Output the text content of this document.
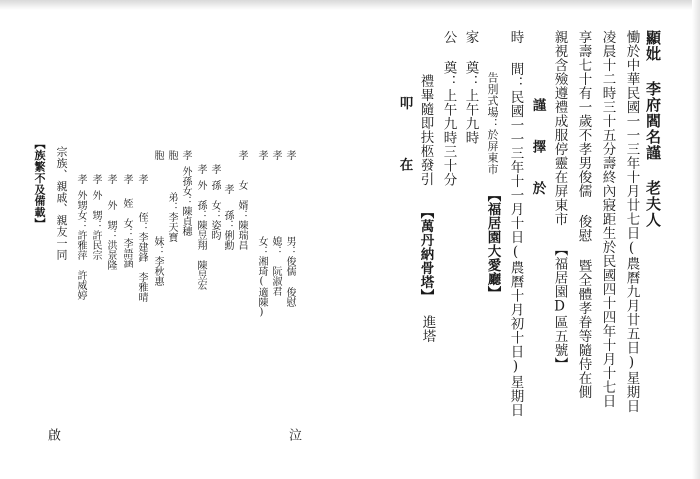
顯妣 李府閻名謹 老夫人
慟於中華民國一一三年十月廿七日(農曆九月廿五日)星期日
凌晨十二時三十五分壽終內寢距生於民國四十四年十月十七日
享壽七十有一歲不孝男俊儒 俊慰 暨全體孝眷等隨侍在側
親視含殮遵禮成服停靈在屏東市 【福居園D區五號】
謹 擇 於
時
間：民國一一三年十一月十日(農曆十月初十日)星期日
告別式場：於屏東市
【福居園大愛廳】
家 奠：上午九時
公 奠：上午九時三十分
禮畢隨即扶柩發引
【萬丹納骨塔】
進塔
叩 在
孝
男：俊儒 俊慰
孝
媳：　阮淑君
孝
女：湘琦(適陳)
孝
女　婿：陳瑞昌
孝
孫：俐勳
孝
孫　女：姿昀
孝
外　孫：陳昱翔　陳昱宏
孝
外孫女：陳貞穗
胞
弟：李天寶
胞
妹：李秋惠
孝
侄：李建鋒　李雅晴
孝
姪　女：李語涵
孝
外　甥：洪景隆
孝
外　甥：許民宗
孝
外甥女：許雅萍　許威婷
宗族、親戚、親友一同
【族繁不及備載】
啟	泣
